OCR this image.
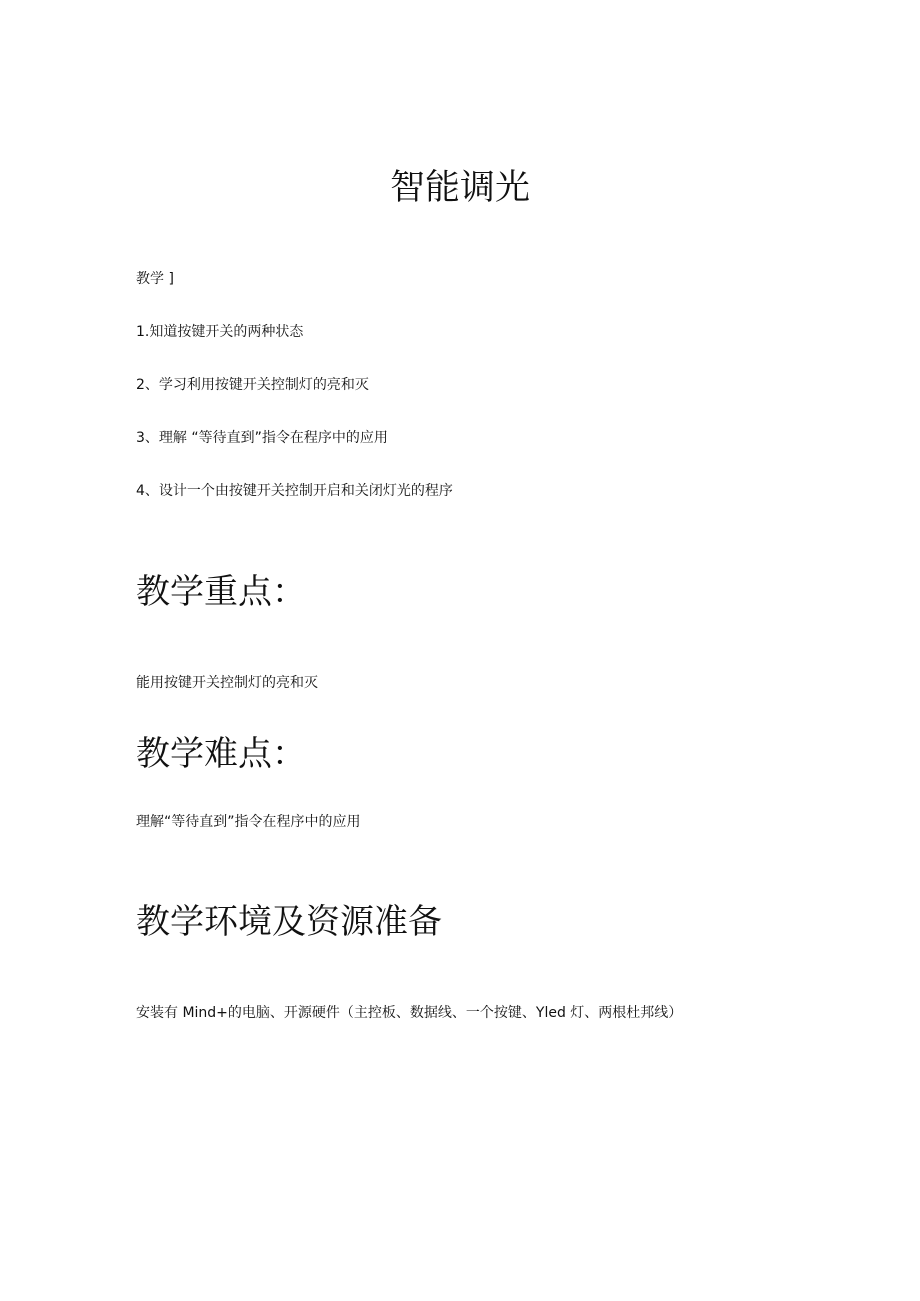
智能调光
教学 ]
1.知道按键开关的两种状态
2、学习利用按键开关控制灯的亮和灭
3、理解 “等待直到”指令在程序中的应用
4、设计一个由按键开关控制开启和关闭灯光的程序
教学重点：
能用按键开关控制灯的亮和灭
教学难点：
理解“等待直到”指令在程序中的应用
教学环境及资源准备
安装有 Mind+的电脑、开源硬件（主控板、数据线、一个按键、Yled 灯、两根杜邦线）
